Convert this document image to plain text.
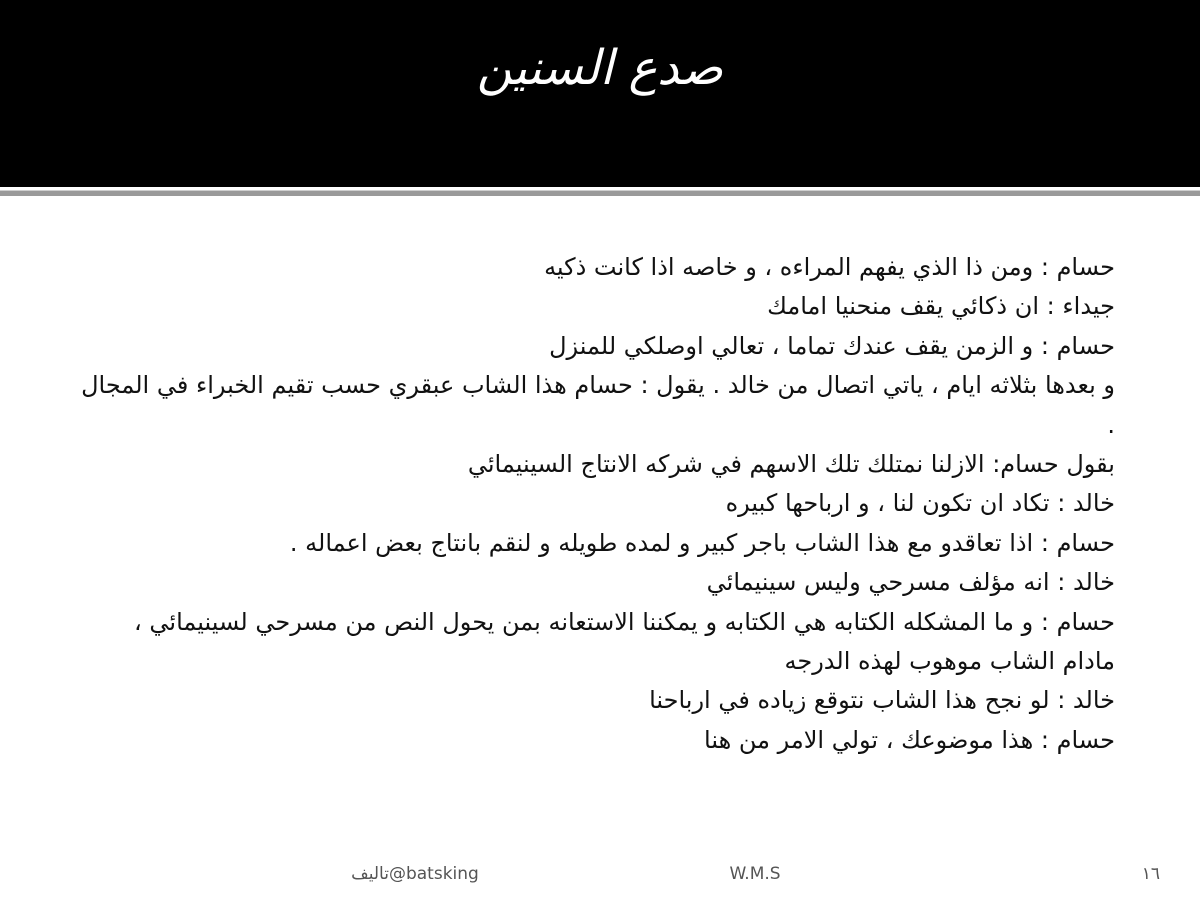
صدع السنين
حسام : ومن ذا الذي يفهم المراءه ، و خاصه اذا كانت ذكيه
جيداء : ان ذكائي يقف منحنيا امامك
حسام : و الزمن يقف عندك تماما ، تعالي اوصلكي للمنزل
و بعدها بثلاثه ايام ، ياتي اتصال من خالد . يقول : حسام هذا الشاب عبقري حسب تقيم الخبراء في المجال .
بقول حسام: الازلنا نمتلك تلك الاسهم في شركه الانتاج السينيمائي
خالد : تكاد ان تكون لنا ، و ارباحها كبيره
حسام : اذا تعاقدو مع هذا الشاب باجر كبير و لمده طويله و لنقم بانتاج بعض اعماله .
خالد : انه مؤلف مسرحي وليس سينيمائي
حسام : و ما المشكله الكتابه هي الكتابه و يمكننا الاستعانه بمن يحول النص من مسرحي لسينيمائي ، مادام الشاب موهوب لهذه الدرجه
خالد : لو نجح هذا الشاب نتوقع زياده في ارباحنا
حسام : هذا موضوعك ، تولي الامر من هنا
تاليف@batsking	W.M.S	١٦
